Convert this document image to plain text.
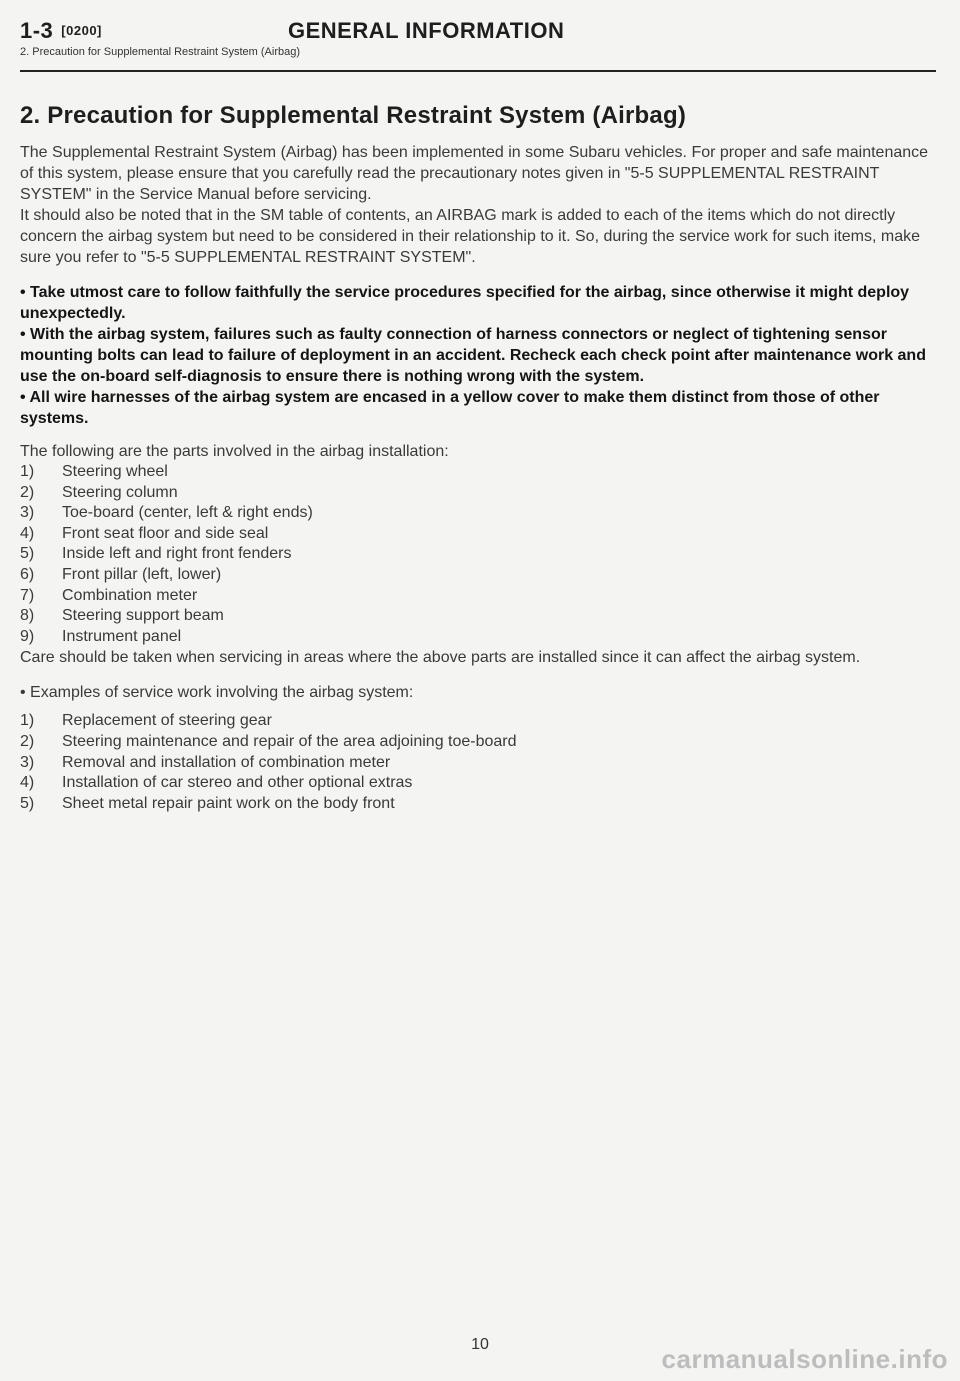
1-3 [0200]	GENERAL INFORMATION
2. Precaution for Supplemental Restraint System (Airbag)
2. Precaution for Supplemental Restraint System (Airbag)

The Supplemental Restraint System (Airbag) has been implemented in some Subaru vehicles. For proper and safe maintenance of this system, please ensure that you carefully read the precautionary notes given in "5-5 SUPPLEMENTAL RESTRAINT SYSTEM" in the Service Manual before servicing.

It should also be noted that in the SM table of contents, an AIRBAG mark is added to each of the items which do not directly concern the airbag system but need to be considered in their relationship to it. So, during the service work for such items, make sure you refer to "5-5 SUPPLEMENTAL RESTRAINT SYSTEM".

• Take utmost care to follow faithfully the service procedures specified for the airbag, since otherwise it might deploy unexpectedly.

• With the airbag system, failures such as faulty connection of harness connectors or neglect of tightening sensor mounting bolts can lead to failure of deployment in an accident. Recheck each check point after maintenance work and use the on-board self-diagnosis to ensure there is nothing wrong with the system.

• All wire harnesses of the airbag system are encased in a yellow cover to make them distinct from those of other systems.

The following are the parts involved in the airbag installation:

1)	Steering wheel
2)	Steering column
3)	Toe-board (center, left & right ends)
4)	Front seat floor and side seal
5)	Inside left and right front fenders
6)	Front pillar (left, lower)
7)	Combination meter
8)	Steering support beam
9)	Instrument panel

Care should be taken when servicing in areas where the above parts are installed since it can affect the airbag system.

• Examples of service work involving the airbag system:

1)	Replacement of steering gear
2)	Steering maintenance and repair of the area adjoining toe-board
3)	Removal and installation of combination meter
4)	Installation of car stereo and other optional extras
5)	Sheet metal repair paint work on the body front
10	carmanualsonline.info
